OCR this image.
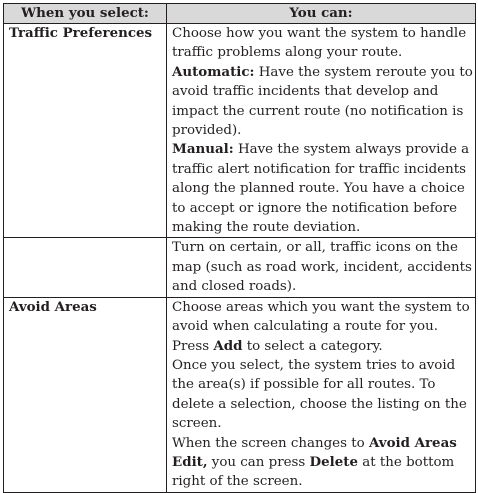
When you select:	You can:
Traffic Preferences	Choose how you want the system to handle traffic problems along your route.
Automatic: Have the system reroute you to avoid traffic incidents that develop and impact the current route (no notification is provided).
Manual: Have the system always provide a traffic alert notification for traffic incidents along the planned route. You have a choice to accept or ignore the notification before making the route deviation.

	Turn on certain, or all, traffic icons on the map (such as road work, incident, accidents and closed roads).
Avoid Areas	Choose areas which you want the system to avoid when calculating a route for you. Press Add to select a category.
Once you select, the system tries to avoid the area(s) if possible for all routes. To delete a selection, choose the listing on the screen.
When the screen changes to Avoid Areas Edit, you can press Delete at the bottom right of the screen.
